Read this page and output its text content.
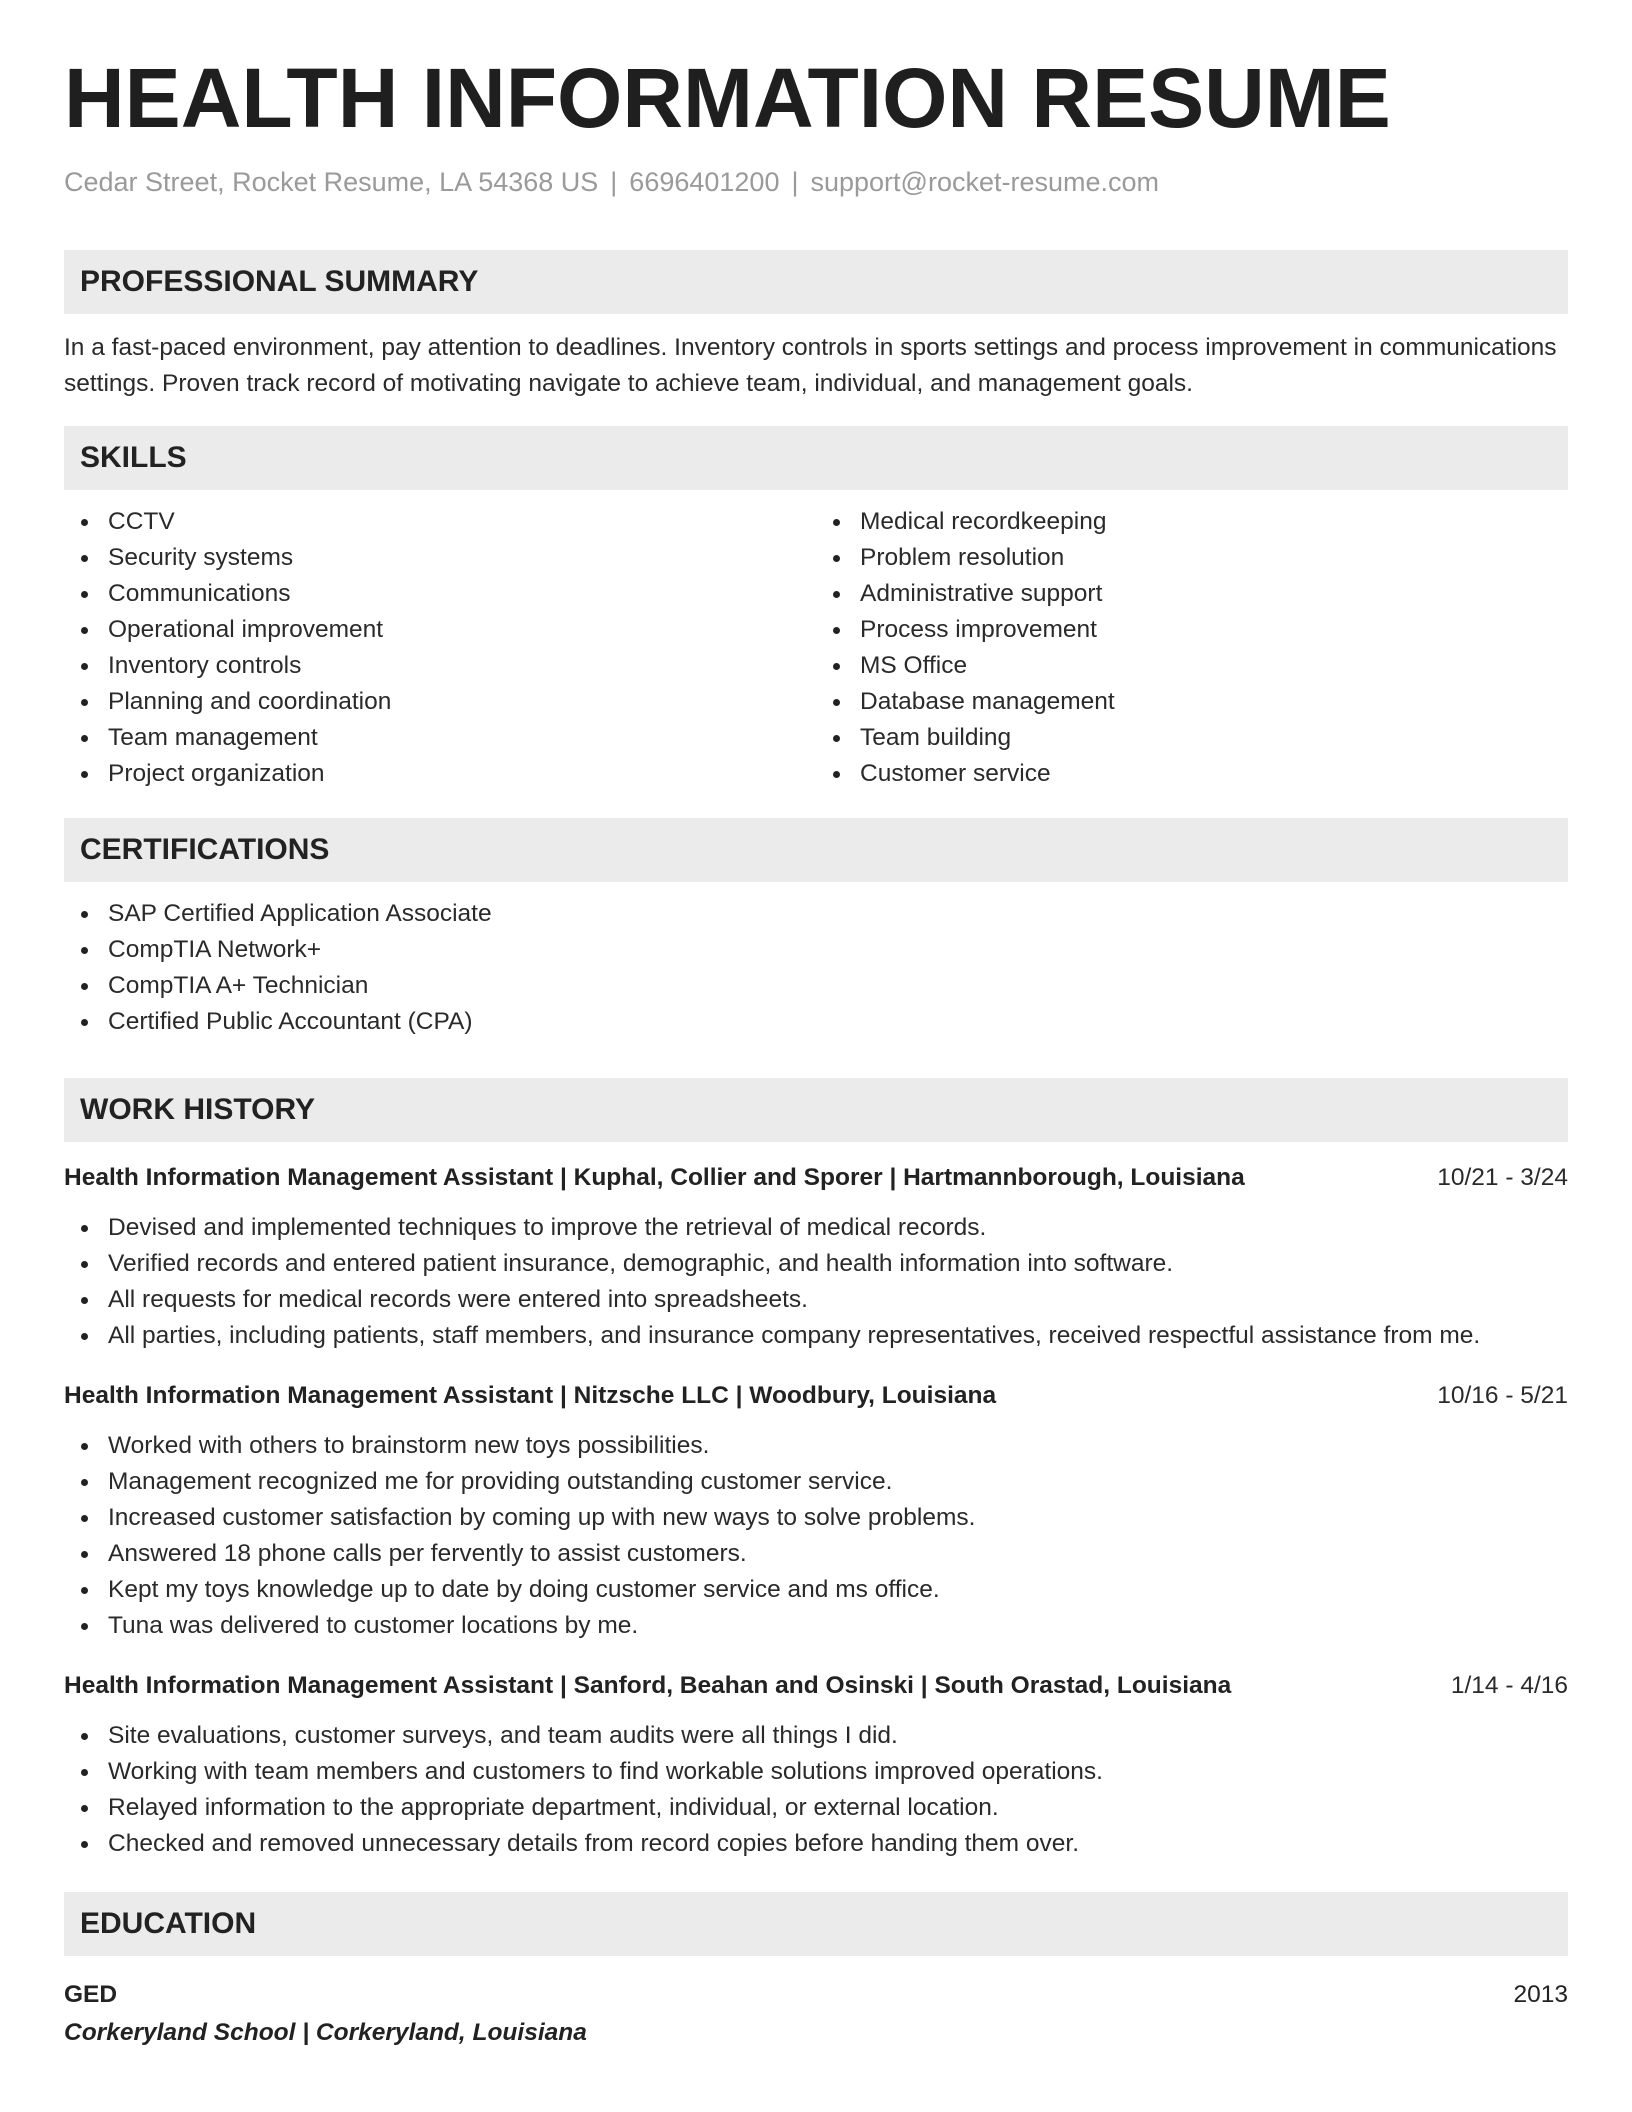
HEALTH INFORMATION RESUME
Cedar Street, Rocket Resume, LA 54368 US | 6696401200 | support@rocket-resume.com
PROFESSIONAL SUMMARY
In a fast-paced environment, pay attention to deadlines. Inventory controls in sports settings and process improvement in communications settings. Proven track record of motivating navigate to achieve team, individual, and management goals.
SKILLS
CCTV
Security systems
Communications
Operational improvement
Inventory controls
Planning and coordination
Team management
Project organization
Medical recordkeeping
Problem resolution
Administrative support
Process improvement
MS Office
Database management
Team building
Customer service
CERTIFICATIONS
SAP Certified Application Associate
CompTIA Network+
CompTIA A+ Technician
Certified Public Accountant (CPA)
WORK HISTORY
Health Information Management Assistant | Kuphal, Collier and Sporer | Hartmannborough, Louisiana	10/21 - 3/24
Devised and implemented techniques to improve the retrieval of medical records.
Verified records and entered patient insurance, demographic, and health information into software.
All requests for medical records were entered into spreadsheets.
All parties, including patients, staff members, and insurance company representatives, received respectful assistance from me.
Health Information Management Assistant | Nitzsche LLC | Woodbury, Louisiana	10/16 - 5/21
Worked with others to brainstorm new toys possibilities.
Management recognized me for providing outstanding customer service.
Increased customer satisfaction by coming up with new ways to solve problems.
Answered 18 phone calls per fervently to assist customers.
Kept my toys knowledge up to date by doing customer service and ms office.
Tuna was delivered to customer locations by me.
Health Information Management Assistant | Sanford, Beahan and Osinski | South Orastad, Louisiana	1/14 - 4/16
Site evaluations, customer surveys, and team audits were all things I did.
Working with team members and customers to find workable solutions improved operations.
Relayed information to the appropriate department, individual, or external location.
Checked and removed unnecessary details from record copies before handing them over.
EDUCATION
GED	2013
Corkeryland School | Corkeryland, Louisiana
